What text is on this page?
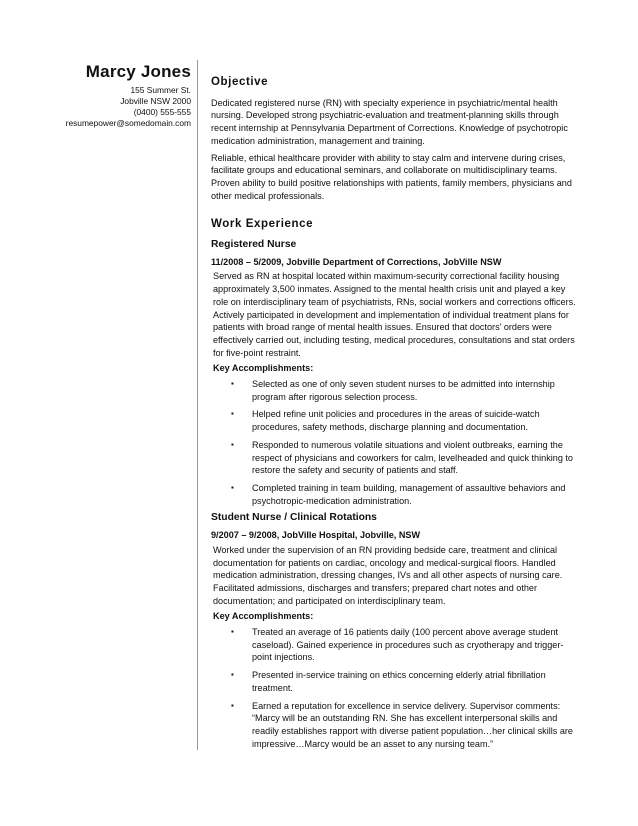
Marcy Jones
155 Summer St.
Jobville NSW 2000
(0400) 555-555
resumepower@somedomain.com
Objective

Dedicated registered nurse (RN) with specialty experience in psychiatric/mental health nursing. Developed strong psychiatric-evaluation and treatment-planning skills through recent internship at Pennsylvania Department of Corrections. Knowledge of psychotropic medication administration, management and training.

Reliable, ethical healthcare provider with ability to stay calm and intervene during crises, facilitate groups and educational seminars, and collaborate on multidisciplinary teams. Proven ability to build positive relationships with patients, family members, physicians and other medical professionals.

Work Experience
Registered Nurse
11/2008 – 5/2009, Jobville Department of Corrections, JobVille NSW

Served as RN at hospital located within maximum-security correctional facility housing approximately 3,500 inmates. Assigned to the mental health crisis unit and played a key role on interdisciplinary team of psychiatrists, RNs, social workers and corrections officers. Actively participated in development and implementation of individual treatment plans for patients with broad range of mental health issues. Ensured that doctors’ orders were effectively carried out, including testing, medical procedures, consultations and stat orders for five-point restraint.

Key Accomplishments:
▪ Selected as one of only seven student nurses to be admitted into internship program after rigorous selection process.
▪ Helped refine unit policies and procedures in the areas of suicide-watch procedures, safety methods, discharge planning and documentation.
▪ Responded to numerous volatile situations and violent outbreaks, earning the respect of physicians and coworkers for calm, levelheaded and quick thinking to restore the safety and security of patients and staff.
▪ Completed training in team building, management of assaultive behaviors and psychotropic-medication administration.
Student Nurse / Clinical Rotations
9/2007 – 9/2008, JobVille Hospital, Jobville, NSW

Worked under the supervision of an RN providing bedside care, treatment and clinical documentation for patients on cardiac, oncology and medical-surgical floors. Handled medication administration, dressing changes, IVs and all other aspects of nursing care. Facilitated admissions, discharges and transfers; prepared chart notes and other documentation; and participated on interdisciplinary team.

Key Accomplishments:
▪ Treated an average of 16 patients daily (100 percent above average student caseload). Gained experience in procedures such as cryotherapy and trigger-point injections.
▪ Presented in-service training on ethics concerning elderly atrial fibrillation treatment.
▪ Earned a reputation for excellence in service delivery. Supervisor comments: “Marcy will be an outstanding RN. She has excellent interpersonal skills and readily establishes rapport with diverse patient population…her clinical skills are impressive…Marcy would be an asset to any nursing team.”
